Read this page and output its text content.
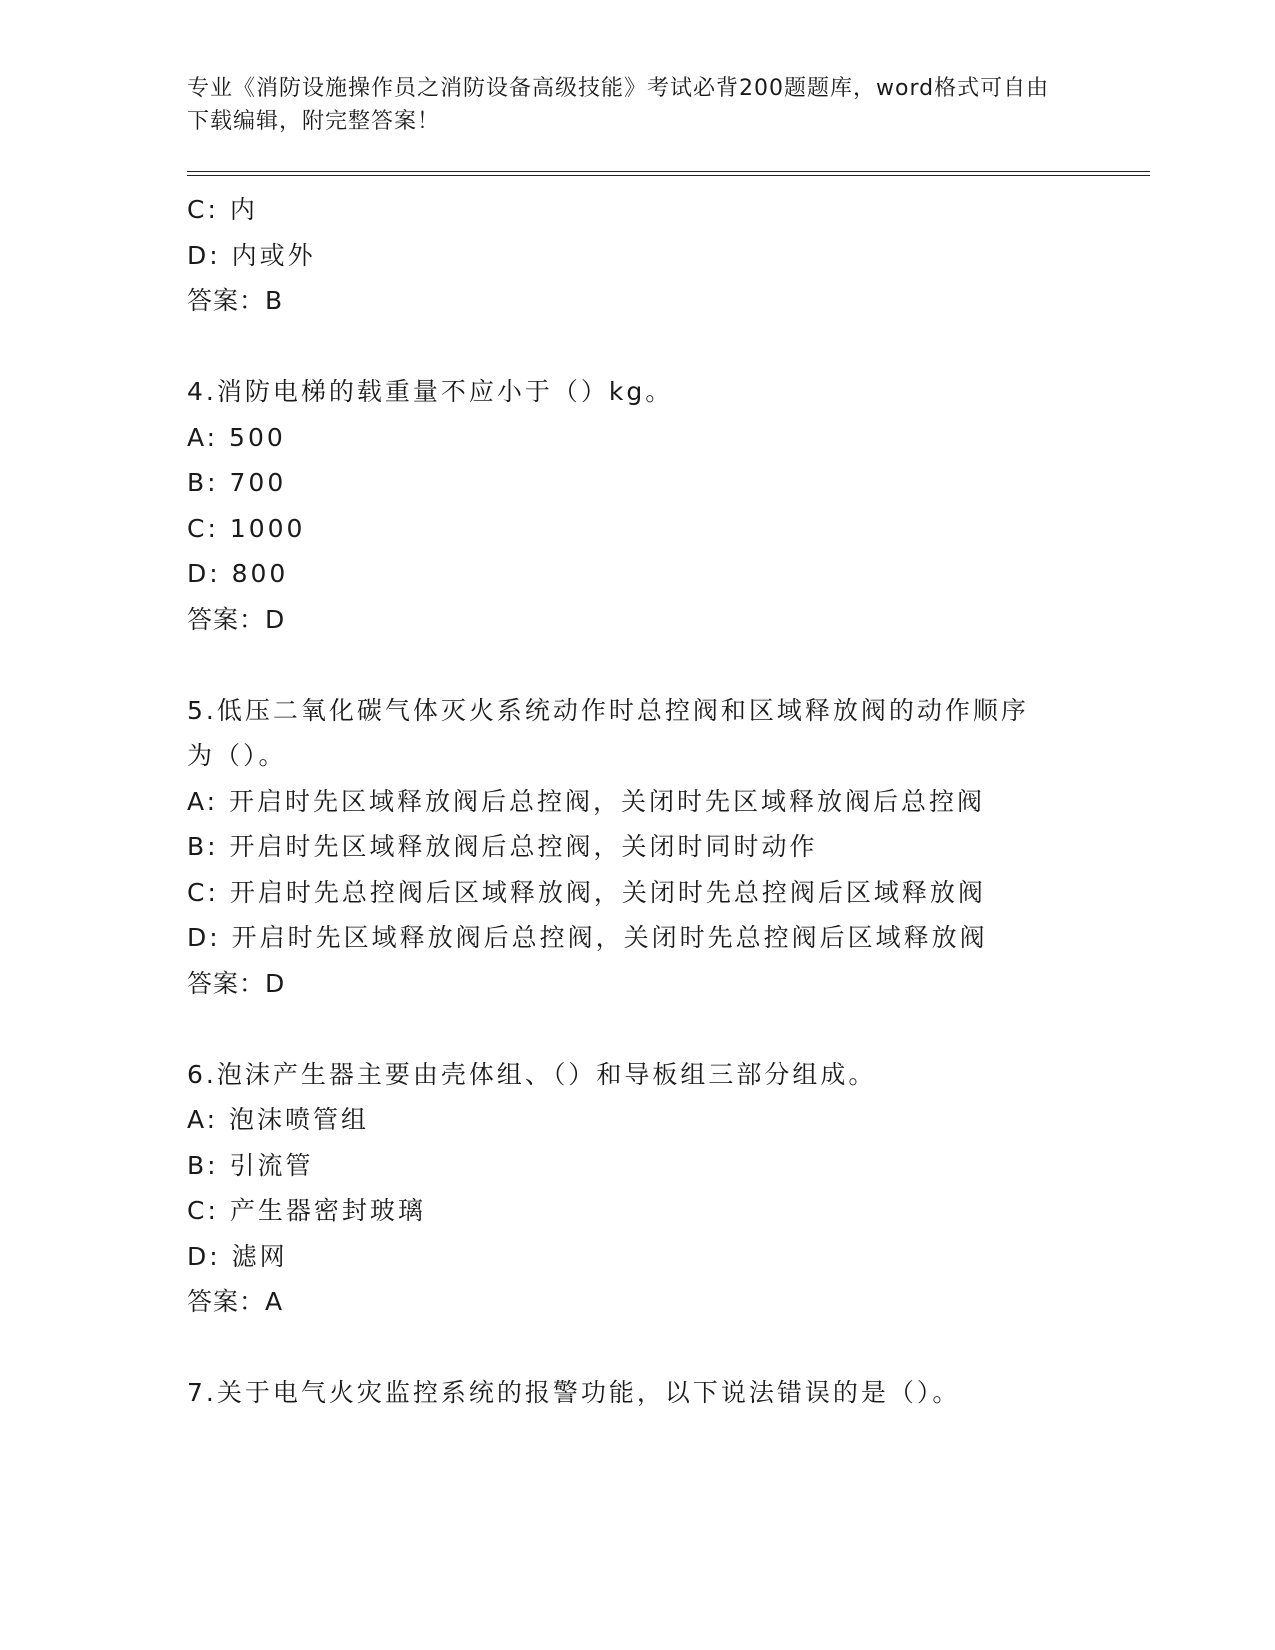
专业《消防设施操作员之消防设备高级技能》考试必背200题题库，word格式可自由下载编辑，附完整答案！
C: 内
D: 内或外
答案：B
4.消防电梯的载重量不应小于（）kg。
A: 500
B: 700
C: 1000
D: 800
答案：D
5.低压二氧化碳气体灭火系统动作时总控阀和区域释放阀的动作顺序为（）。
A: 开启时先区域释放阀后总控阀，关闭时先区域释放阀后总控阀
B: 开启时先区域释放阀后总控阀，关闭时同时动作
C: 开启时先总控阀后区域释放阀，关闭时先总控阀后区域释放阀
D: 开启时先区域释放阀后总控阀，关闭时先总控阀后区域释放阀
答案：D
6.泡沫产生器主要由壳体组、（）和导板组三部分组成。
A: 泡沫喷管组
B: 引流管
C: 产生器密封玻璃
D: 滤网
答案：A
7.关于电气火灾监控系统的报警功能，以下说法错误的是（）。
